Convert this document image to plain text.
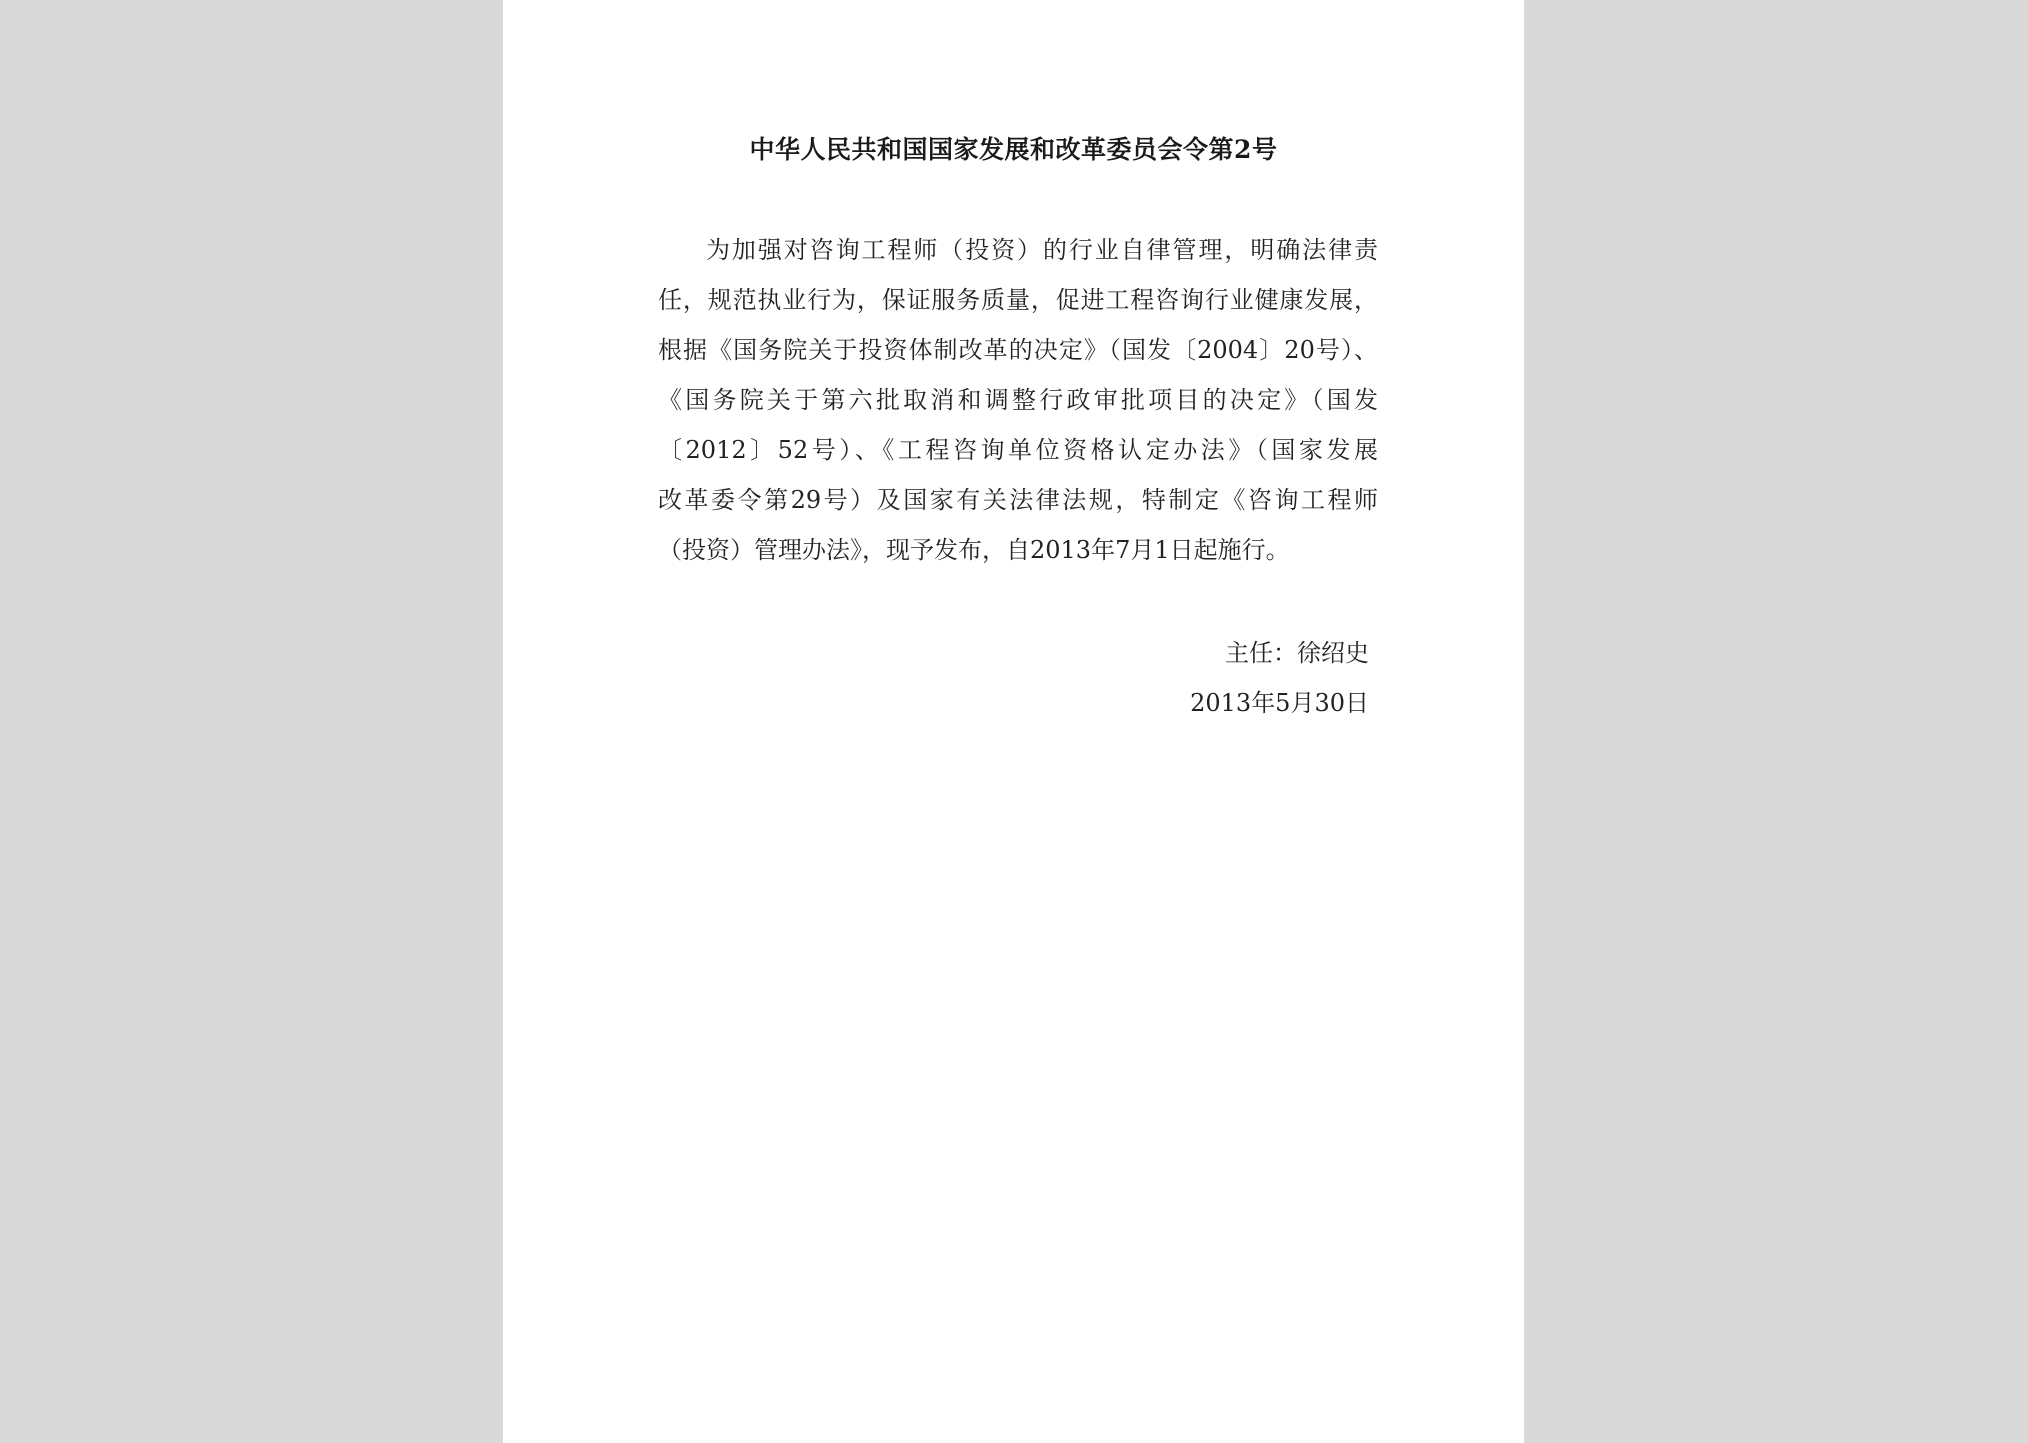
中华人民共和国国家发展和改革委员会令第2号
为加强对咨询工程师（投资）的行业自律管理，明确法律责
任，规范执业行为，保证服务质量，促进工程咨询行业健康发展，
根据《国务院关于投资体制改革的决定》（国发〔2004〕20号）、
《国务院关于第六批取消和调整行政审批项目的决定》（国发
〔2012〕52号）、《工程咨询单位资格认定办法》（国家发展
改革委令第29号）及国家有关法律法规，特制定《咨询工程师
（投资）管理办法》，现予发布，自2013年7月1日起施行。
主任：徐绍史
2013年5月30日
